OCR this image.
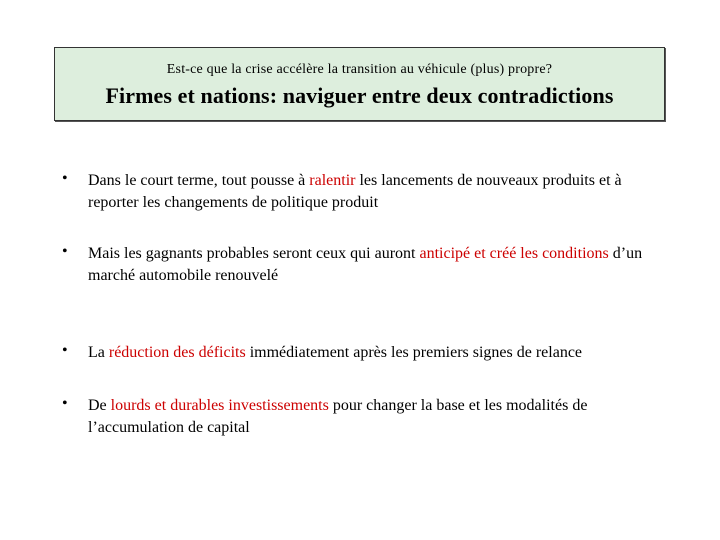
Est-ce que la crise accélère la transition au véhicule (plus) propre?
Firmes et nations: naviguer entre deux contradictions
• Dans le court terme, tout pousse à ralentir les lancements de nouveaux produits et à reporter les changements de politique produit
• Mais les gagnants probables seront ceux qui auront anticipé et créé les conditions d’un marché automobile renouvelé
• La réduction des déficits immédiatement après les premiers signes de relance
• De lourds et durables investissements pour changer la base et les modalités de l’accumulation de capital
